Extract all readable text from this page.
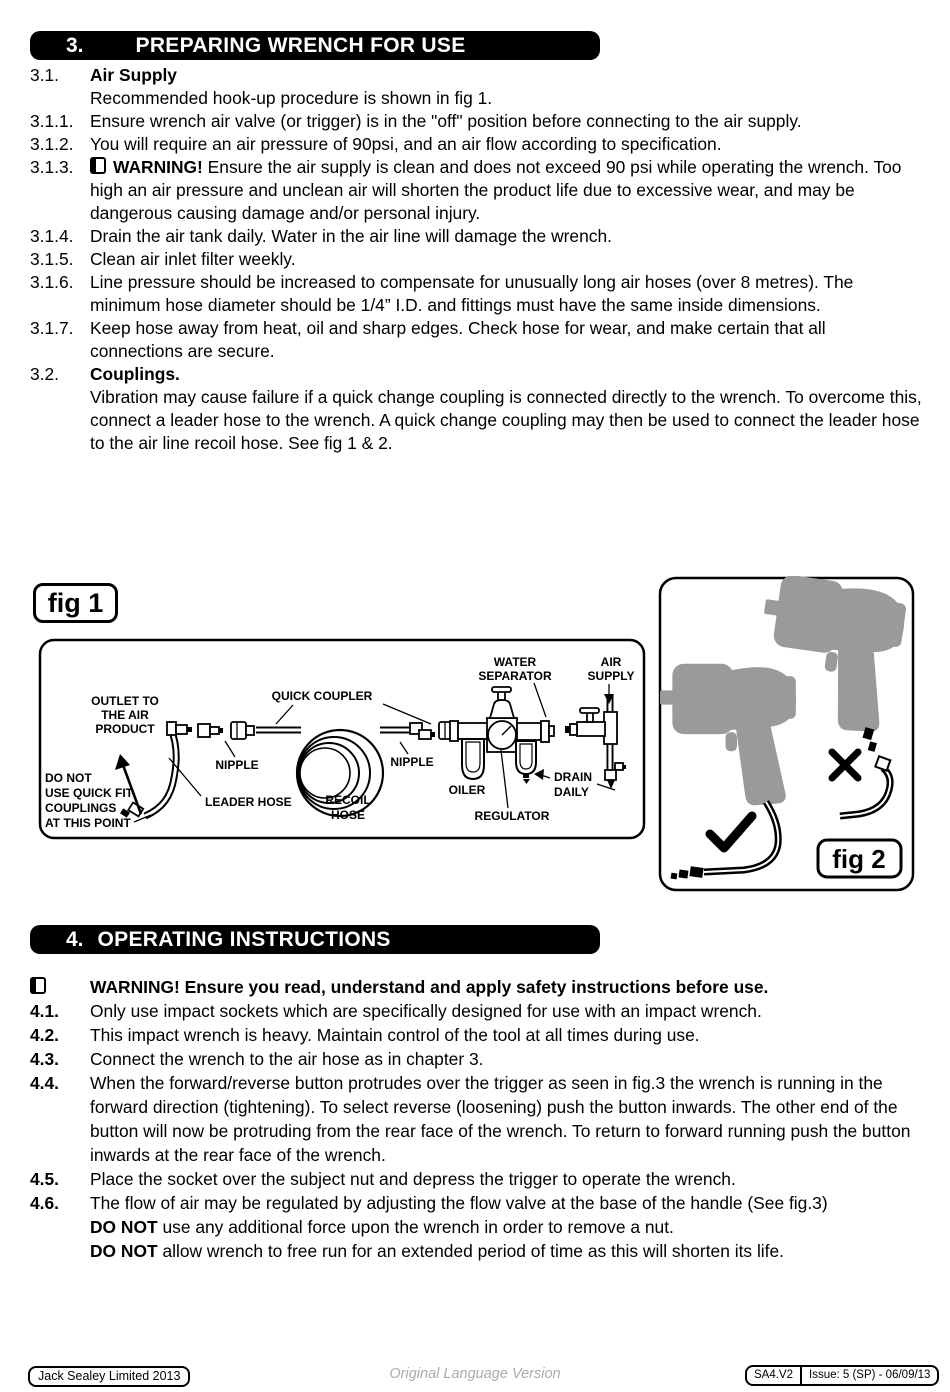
3. PREPARING WRENCH FOR USE
3.1.	Air Supply

Recommended hook-up procedure is shown in fig 1.

3.1.1. Ensure wrench air valve (or trigger) is in the "off" position before connecting to the air supply.

3.1.2. You will require an air pressure of 90psi, and an air flow according to specification.

3.1.3.	WARNING! Ensure the air supply is clean and does not exceed 90 psi while operating the wrench. Too high an air pressure and unclean air will shorten the product life due to excessive wear, and may be dangerous causing damage and/or personal injury.

3.1.4. Drain the air tank daily. Water in the air line will damage the wrench.

3.1.5. Clean air inlet filter weekly.

3.1.6. Line pressure should be increased to compensate for unusually long air hoses (over 8 metres). The minimum hose diameter should be 1/4” I.D. and fittings must have the same inside dimensions.

3.1.7. Keep hose away from heat, oil and sharp edges. Check hose for wear, and make certain that all connections are secure.

3.2.	Couplings.

Vibration may cause failure if a quick change coupling is connected directly to the wrench. To overcome this, connect a leader hose to the wrench. A quick change coupling may then be used to connect the leader hose to the air line recoil hose. See fig 1 & 2.

fig 1
OUTLET TO
THE AIR
PRODUCT
QUICK COUPLER
NIPPLE	NIPPLE
LEADER HOSE	RECOIL
HOSE
DO NOT
USE QUICK FIT
COUPLINGS
AT THIS POINT
OILER
WATER
SEPARATOR
AIR
SUPPLY
DRAIN
DAILY
REGULATOR
fig 2
4. OPERATING INSTRUCTIONS

WARNING! Ensure you read, understand and apply safety instructions before use.

4.1.	Only use impact sockets which are specifically designed for use with an impact wrench.

4.2.	This impact wrench is heavy. Maintain control of the tool at all times during use.

4.3.	Connect the wrench to the air hose as in chapter 3.

4.4.	When the forward/reverse button protrudes over the trigger as seen in fig.3 the wrench is running in the forward direction (tightening). To select reverse (loosening) push the button inwards. The other end of the button will now be protruding from the rear face of the wrench. To return to forward running push the button inwards at the rear face of the wrench.

4.5.	Place the socket over the subject nut and depress the trigger to operate the wrench.

4.6.	The flow of air may be regulated by adjusting the flow valve at the base of the handle (See fig.3)

DO NOT use any additional force upon the wrench in order to remove a nut.

DO NOT allow wrench to free run for an extended period of time as this will shorten its life.

Jack Sealey Limited 2013	Original Language Version	SA4.V2	Issue: 5 (SP) - 06/09/13
